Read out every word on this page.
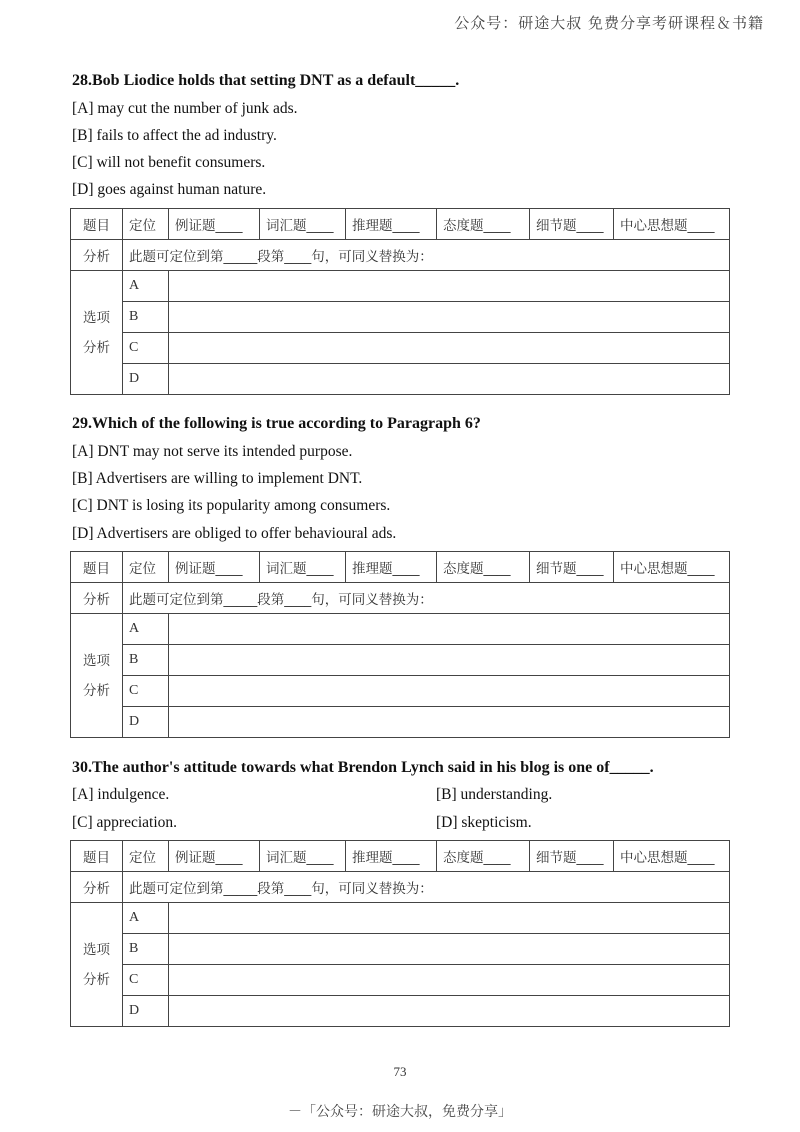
公众号：研途大叔 免费分享考研课程＆书籍
28.Bob Liodice holds that setting DNT as a default_____.
[A] may cut the number of junk ads.
[B] fails to affect the ad industry.
[C] will not benefit consumers.
[D] goes against human nature.
题目	定位	例证题____	词汇题____	推理题____	态度题____	细节题____	中心思想题____
分析	此题可定位到第_____段第____句，可同义替换为：						

选项
分析	A						
	B						
	C						
	D						
29.Which of the following is true according to Paragraph 6?
[A] DNT may not serve its intended purpose.
[B] Advertisers are willing to implement DNT.
[C] DNT is losing its popularity among consumers.
[D] Advertisers are obliged to offer behavioural ads.
题目	定位	例证题____	词汇题____	推理题____	态度题____	细节题____	中心思想题____
分析	此题可定位到第_____段第____句，可同义替换为：						

选项
分析	A						
	B						
	C						
	D						
30.The author's attitude towards what Brendon Lynch said in his blog is one of_____.
[A] indulgence.	[B] understanding.
[C] appreciation.	[D] skepticism.
题目	定位	例证题____	词汇题____	推理题____	态度题____	细节题____	中心思想题____
分析	此题可定位到第_____段第____句，可同义替换为：						

选项
分析	A						
	B						
	C						
	D						
73
－「公众号：研途大叔，免费分享」
